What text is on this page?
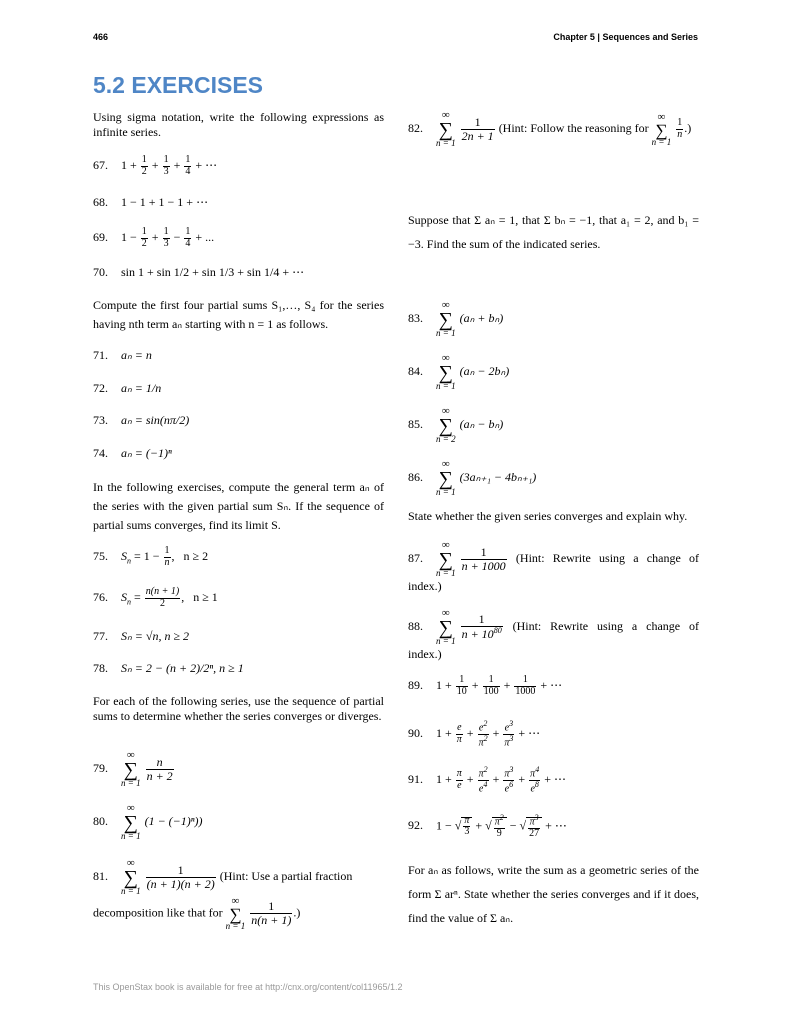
466	Chapter 5 | Sequences and Series
5.2 EXERCISES
Using sigma notation, write the following expressions as infinite series.
67. $1 + \frac{1}{2} + \frac{1}{3} + \frac{1}{4}$ + ⋯
68. 1 − 1 + 1 − 1 + ⋯
69. $1 - \frac{1}{2} + \frac{1}{3} - \frac{1}{4}$ + ...
70. sin 1 + sin 1/2 + sin 1/3 + sin 1/4 + ⋯
Compute the first four partial sums S₁,…, S₄ for the series having nth term aₙ starting with n = 1 as follows.
71. aₙ = n
72. aₙ = 1/n
73. aₙ = sin(nπ/2)
74. aₙ = (−1)ⁿ
In the following exercises, compute the general term aₙ of the series with the given partial sum Sₙ. If the sequence of partial sums converges, find its limit S.
75. $S_n = 1 - \frac{1}{n}$ ,   n ≥ 2
76. $S_n = \frac{n(n + 1)}{2}$ ,   n ≥ 1
77. Sₙ = √n, n ≥ 2
78. Sₙ = 2 − (n + 2)/2ⁿ, n ≥ 1
For each of the following series, use the sequence of partial sums to determine whether the series converges or diverges.
79.
∞
∑
n = 1
$\frac{n}{n + 2}$
80.
∞
∑
n = 1
(1 − (−1)ⁿ))
81.
∞
∑
n = 1
$\frac{1}{(n + 1)(n + 2)}$ (Hint: Use a partial fraction decomposition like that for
∞
∑
$n = 1 \frac{1}{n(n + 1)}$ .)
82.
∞
∑
n = 1
$\frac{1}{2n + 1}$ (Hint: Follow the reasoning for
∞
∑
n = 1
$\frac{1}{n}$ .)
Suppose that Σ aₙ = 1, that Σ bₙ = −1, that a₁ = 2, and b₁ = −3. Find the sum of the indicated series.
83.
∞
∑
n = 1
(aₙ + bₙ)
84.
∞
∑
n = 1
(aₙ − 2bₙ)
85.
∞
∑
n = 2
(aₙ − bₙ)
86.
∞
∑
n = 1
(3aₙ₊₁ − 4bₙ₊₁)
State whether the given series converges and explain why.
87.
∞
∑
n = 1
$\frac{1}{n + 1000}$ (Hint: Rewrite using a change of index.)
88.
∞
∑
n = 1
$\frac{1}{n + 10^{80}}$ (Hint: Rewrite using a change of index.)
89. $1 + \frac{1}{10} + \frac{1}{100} + \frac{1}{1000}$ + ⋯
90. $1 + \frac{e}{\pi} + \frac{e^2}{\pi^2} + \frac{e^3}{\pi^3}$ + ⋯
91. $1 + \frac{\pi}{e} + \frac{\pi^2}{e^4} + \frac{\pi^3}{e^6} + \frac{\pi^4}{e^8}$ + ⋯
92. 1 − √ $\frac{\pi}{3}$ + √ $\frac{\pi^2}{9}$ − √ $\frac{\pi^3}{27}$ + ⋯
For aₙ as follows, write the sum as a geometric series of the form Σ arⁿ. State whether the series converges and if it does, find the value of Σ aₙ.
This OpenStax book is available for free at http://cnx.org/content/col11965/1.2
